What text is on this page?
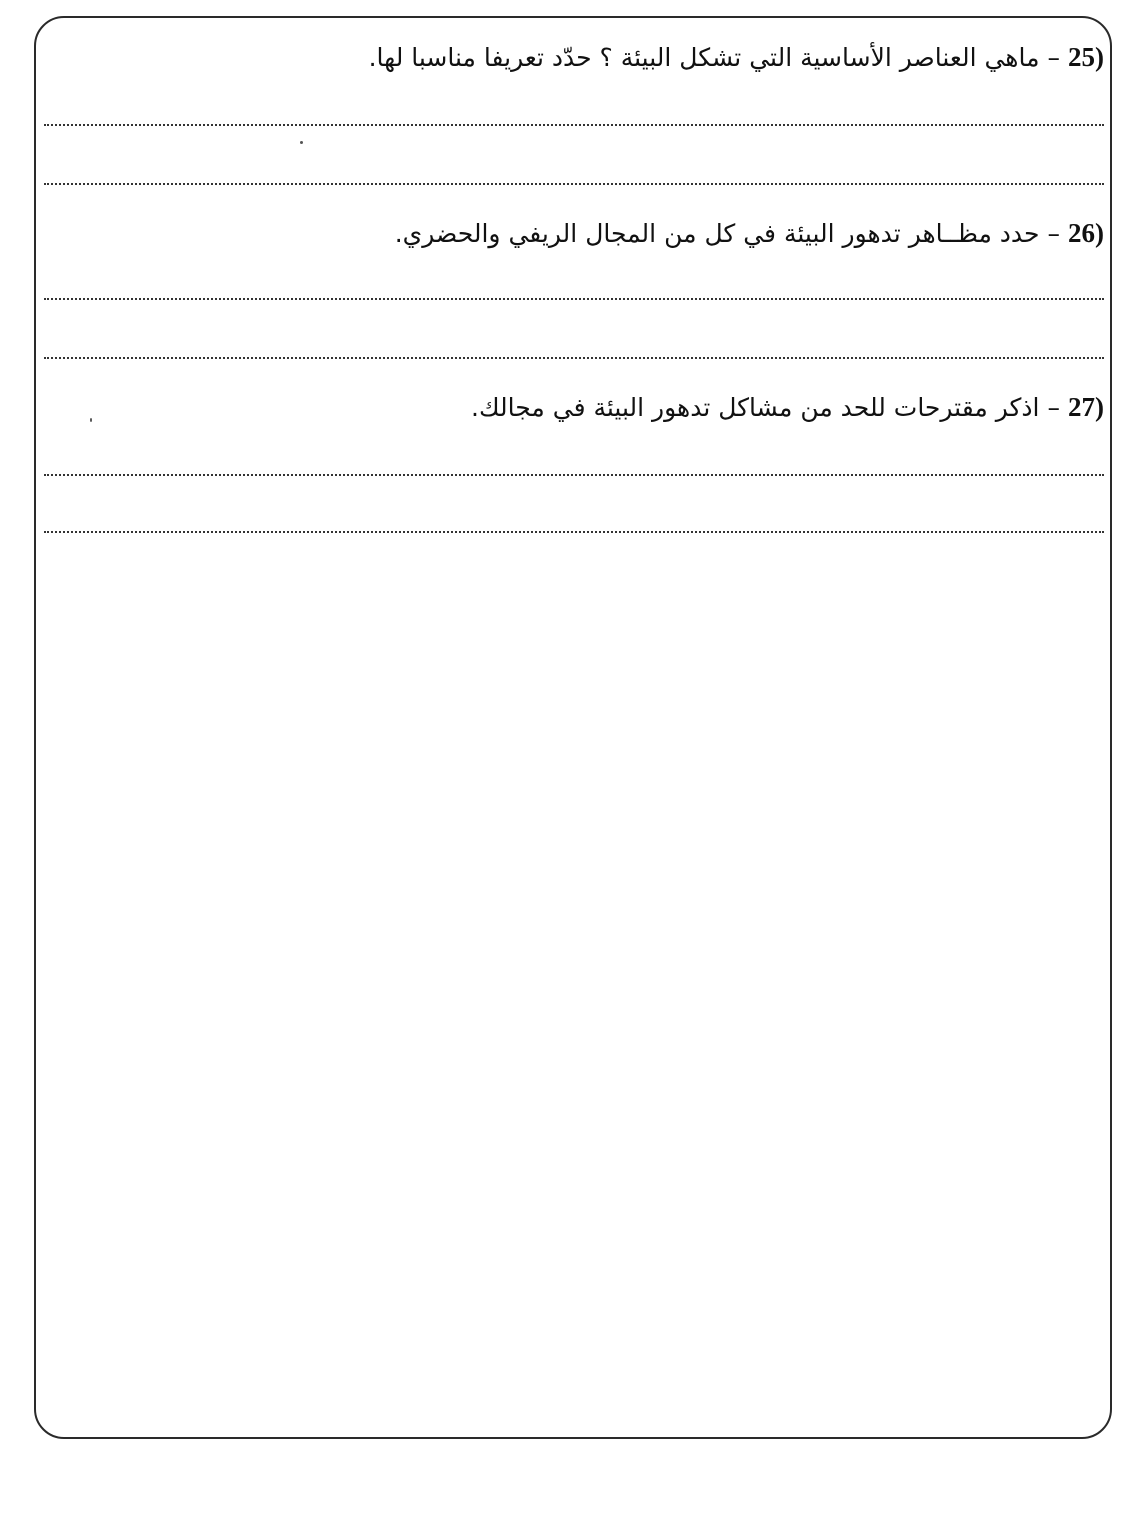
25)–ماهي العناصر الأساسية التي تشكل البيئة ؟ حدّد تعريفا مناسبا لها.
26)–حدد مظــاهر تدهور البيئة في كل من المجال الريفي والحضري.
27)–اذكر مقترحات للحد من مشاكل تدهور البيئة في مجالك.
